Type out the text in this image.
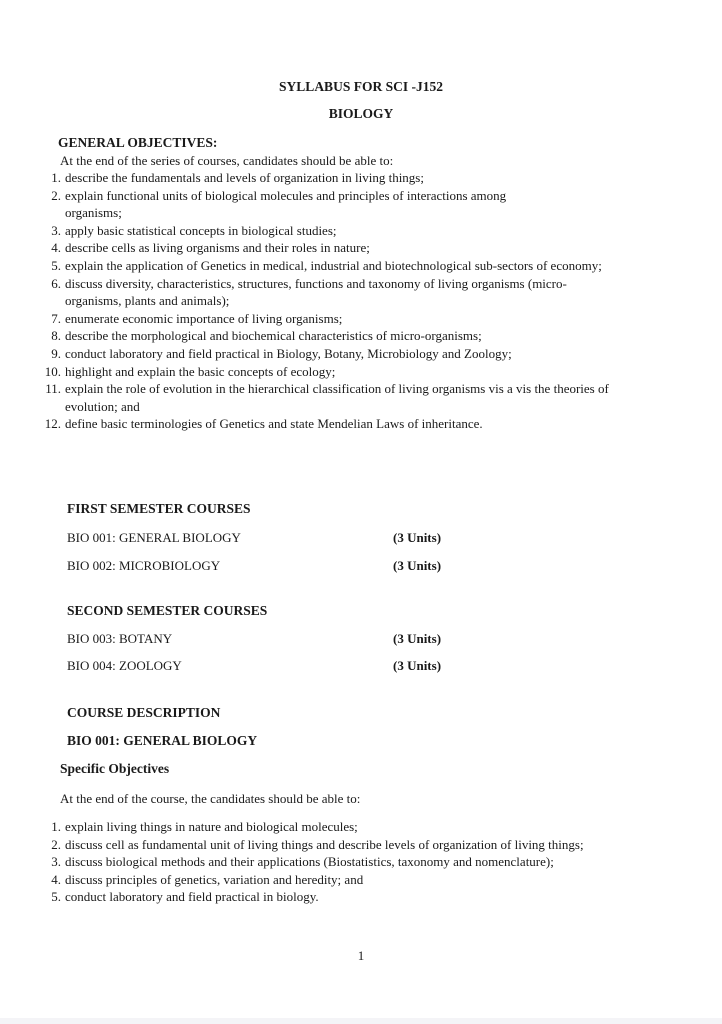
SYLLABUS FOR SCI -J152
BIOLOGY
GENERAL OBJECTIVES:
At the end of the series of courses, candidates should be able to:
1. describe the fundamentals and levels of organization in living things;
2. explain functional units of biological molecules and principles of interactions among organisms;
3. apply basic statistical concepts in biological studies;
4. describe cells as living organisms and their roles in nature;
5. explain the application of Genetics in medical, industrial and biotechnological sub-sectors of economy;
6. discuss diversity, characteristics, structures, functions and taxonomy of living organisms (micro-organisms, plants and animals);
7. enumerate economic importance of living organisms;
8. describe the morphological and biochemical characteristics of micro-organisms;
9. conduct laboratory and field practical in Biology, Botany, Microbiology and Zoology;
10. highlight and explain the basic concepts of ecology;
11. explain the role of evolution in the hierarchical classification of living organisms vis a vis the theories of evolution; and
12. define basic terminologies of Genetics and state Mendelian Laws of inheritance.
FIRST SEMESTER COURSES
BIO 001: GENERAL BIOLOGY	(3 Units)
BIO 002: MICROBIOLOGY	(3 Units)
SECOND SEMESTER COURSES
BIO 003: BOTANY	(3 Units)
BIO 004: ZOOLOGY	(3 Units)
COURSE DESCRIPTION
BIO 001: GENERAL BIOLOGY
Specific Objectives
At the end of the course, the candidates should be able to:
1. explain living things in nature and biological molecules;
2. discuss cell as fundamental unit of living things and describe levels of organization of living things;
3. discuss biological methods and their applications (Biostatistics, taxonomy and nomenclature);
4. discuss principles of genetics, variation and heredity; and
5. conduct laboratory and field practical in biology.
1
